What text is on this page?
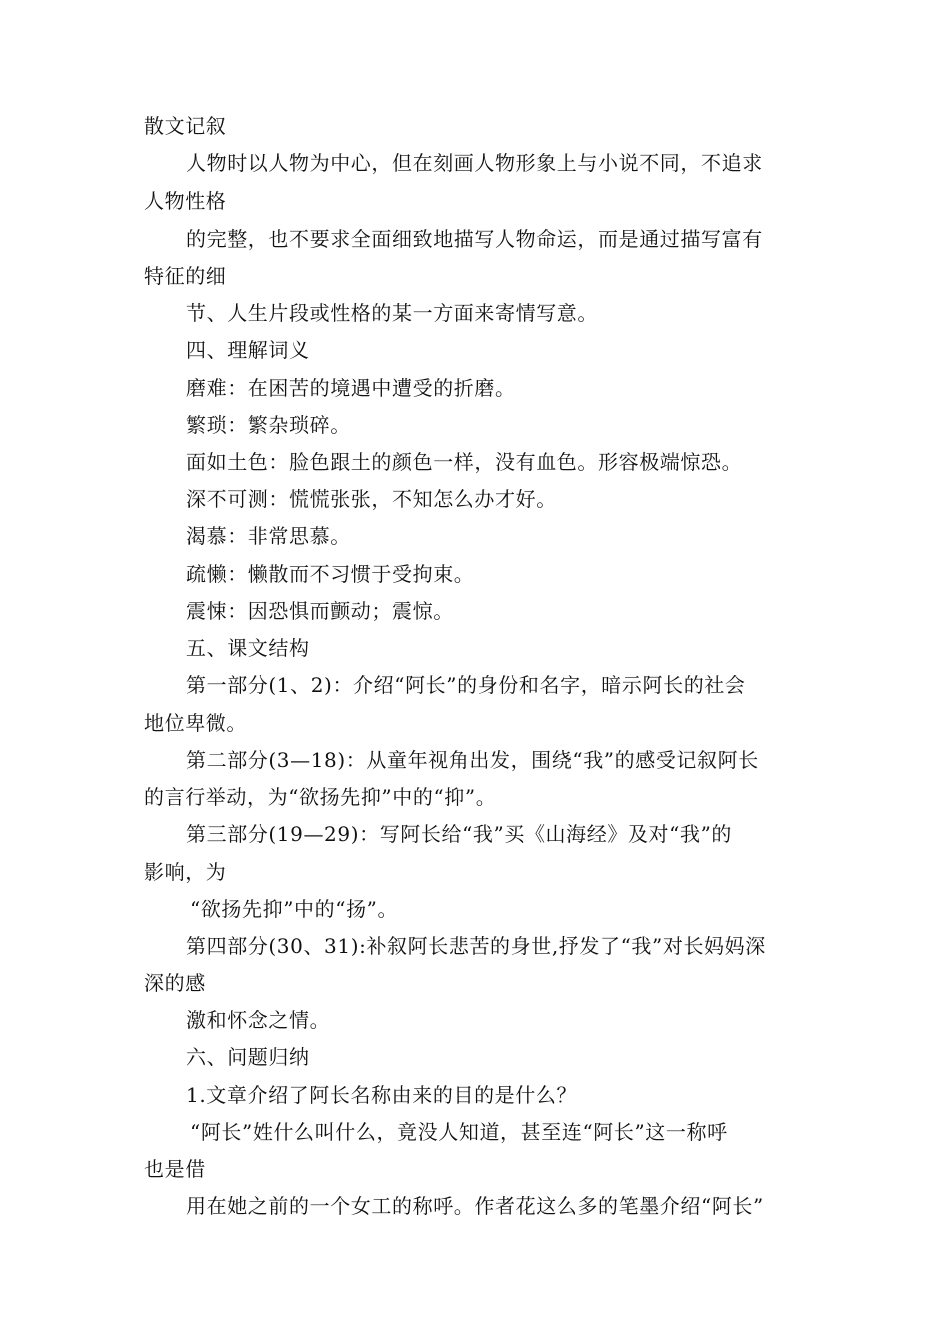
散文记叙
人物时以人物为中心，但在刻画人物形象上与小说不同，不追求
人物性格
的完整，也不要求全面细致地描写人物命运，而是通过描写富有
特征的细
节、人生片段或性格的某一方面来寄情写意。
四、理解词义
磨难：在困苦的境遇中遭受的折磨。
繁琐：繁杂琐碎。
面如土色：脸色跟土的颜色一样，没有血色。形容极端惊恐。
深不可测：慌慌张张，不知怎么办才好。
渴慕：非常思慕。
疏懒：懒散而不习惯于受拘束。
震悚：因恐惧而颤动；震惊。
五、课文结构
第一部分(1、2)：介绍“阿长”的身份和名字，暗示阿长的社会
地位卑微。
第二部分(3—18)：从童年视角出发，围绕“我”的感受记叙阿长
的言行举动，为“欲扬先抑”中的“抑”。
第三部分(19—29)：写阿长给“我”买《山海经》及对“我”的
影响，为
“欲扬先抑”中的“扬”。
第四部分(30、31):补叙阿长悲苦的身世,抒发了“我”对长妈妈深
深的感
激和怀念之情。
六、问题归纳
1.文章介绍了阿长名称由来的目的是什么？
“阿长”姓什么叫什么，竟没人知道，甚至连“阿长”这一称呼
也是借
用在她之前的一个女工的称呼。作者花这么多的笔墨介绍“阿长”
